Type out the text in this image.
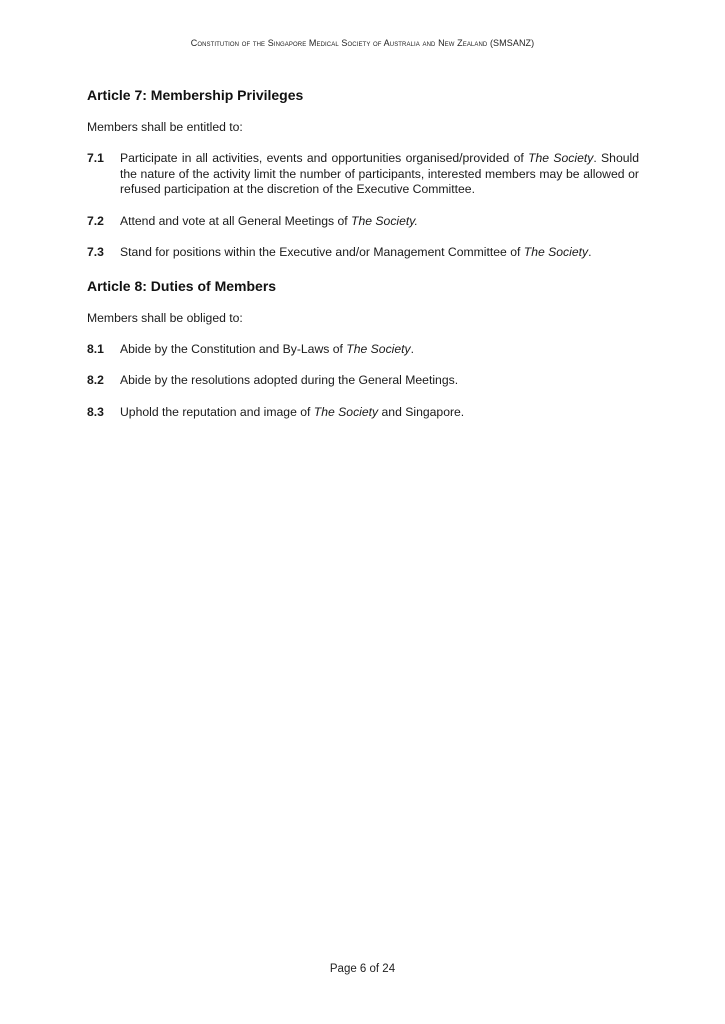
Constitution of the Singapore Medical Society of Australia and New Zealand (SMSANZ)
Article 7: Membership Privileges

Members shall be entitled to:

7.1	Participate in all activities, events and opportunities organised/provided of The Society. Should the nature of the activity limit the number of participants, interested members may be allowed or refused participation at the discretion of the Executive Committee.
7.2	Attend and vote at all General Meetings of The Society.
7.3	Stand for positions within the Executive and/or Management Committee of The Society.
Article 8: Duties of Members

Members shall be obliged to:

8.1	Abide by the Constitution and By-Laws of The Society.
8.2	Abide by the resolutions adopted during the General Meetings.
8.3	Uphold the reputation and image of The Society and Singapore.
Page 6 of 24
